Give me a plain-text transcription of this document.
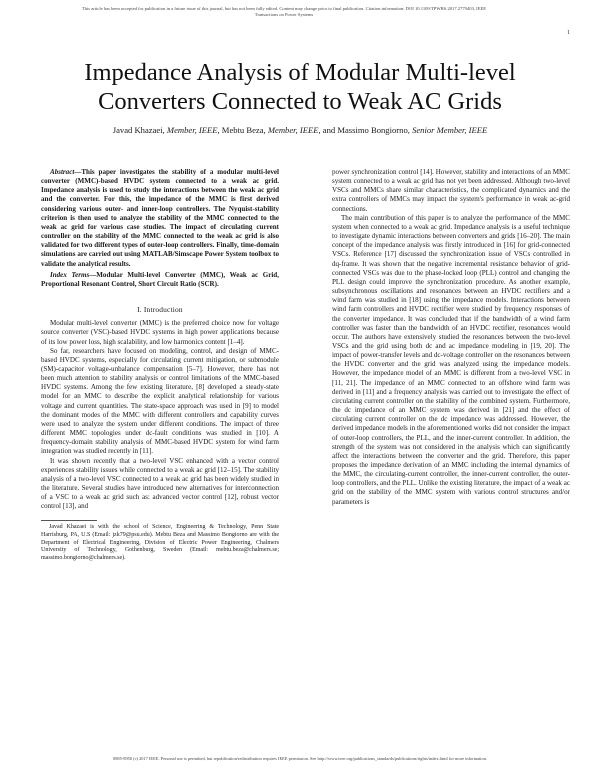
This article has been accepted for publication in a future issue of this journal, but has not been fully edited. Content may change prior to final publication. Citation information: DOI 10.1109/TPWRS.2017.2779403, IEEE
Transactions on Power Systems
1
Impedance Analysis of Modular Multi-level Converters Connected to Weak AC Grids
Javad Khazaei, Member, IEEE, Mebtu Beza, Member, IEEE, and Massimo Bongiorno, Senior Member, IEEE

Abstract—This paper investigates the stability of a modular multi-level converter (MMC)-based HVDC system connected to a weak ac grid. Impedance analysis is used to study the interactions between the weak ac grid and the converter. For this, the impedance of the MMC is first derived considering various outer- and inner-loop controllers. The Nyquist-stability criterion is then used to analyze the stability of the MMC connected to the weak ac grid for various case studies. The impact of circulating current controller on the stability of the MMC connected to the weak ac grid is also validated for two different types of outer-loop controllers. Finally, time-domain simulations are carried out using MATLAB/Simscape Power System toolbox to validate the analytical results.

Index Terms—Modular Multi-level Converter (MMC), Weak ac Grid, Proportional Resonant Control, Short Circuit Ratio (SCR).

I. Introduction

Modular multi-level converter (MMC) is the preferred choice now for voltage source converter (VSC)-based HVDC systems in high power applications because of its low power loss, high scalability, and low harmonics content [1–4].

So far, researchers have focused on modeling, control, and design of MMC-based HVDC systems, especially for circulating current mitigation, or submodule (SM)-capacitor voltage-unbalance compensation [5–7]. However, there has not been much attention to stability analysis or control limitations of the MMC-based HVDC systems. Among the few existing literature, [8] developed a steady-state model for an MMC to describe the explicit analytical relationship for various voltage and current quantities. The state-space approach was used in [9] to model the dominant modes of the MMC with different controllers and capability curves were used to analyze the system under different conditions. The impact of three different MMC topologies under dc-fault conditions was studied in [10]. A frequency-domain stability analysis of MMC-based HVDC system for wind farm integration was studied recently in [11].

It was shown recently that a two-level VSC enhanced with a vector control experiences stability issues while connected to a weak ac grid [12–15]. The stability analysis of a two-level VSC connected to a weak ac grid has been widely studied in the literature. Several studies have introduced new alternatives for interconnection of a VSC to a weak ac grid such as: advanced vector control [12], robust vector control [13], and

Javad Khazaei is with the school of Science, Engineering & Technology, Penn State Harrisburg, PA, U.S (Email: jzk79@psu.edu). Mebtu Beza and Massimo Bongiorno are with the Department of Electrical Engineering, Division of Electric Power Engineering, Chalmers University of Technology, Gothenburg, Sweden (Email: mebtu.beza@chalmers.se; massimo.bongiorno@chalmers.se).

power synchronization control [14]. However, stability and interactions of an MMC system connected to a weak ac grid has not yet been addressed. Although two-level VSCs and MMCs share similar characteristics, the complicated dynamics and the extra controllers of MMCs may impact the system's performance in weak ac-grid connections.

The main contribution of this paper is to analyze the performance of the MMC system when connected to a weak ac grid. Impedance analysis is a useful technique to investigate dynamic interactions between converters and grids [16–20]. The main concept of the impedance analysis was firstly introduced in [16] for grid-connected VSCs. Reference [17] discussed the synchronization issue of VSCs controlled in dq-frame. It was shown that the negative incremental resistance behavior of grid-connected VSCs was due to the phase-locked loop (PLL) control and changing the PLL design could improve the synchronization procedure. As another example, subsynchronous oscillations and resonances between an HVDC rectifiers and a wind farm was studied in [18] using the impedance models. Interactions between wind farm controllers and HVDC rectifier were studied by frequency responses of the converter impedance. It was concluded that if the bandwidth of a wind farm controller was faster than the bandwidth of an HVDC rectifier, resonances would occur. The authors have extensively studied the resonances between the two-level VSCs and the grid using both dc and ac impedance modeling in [19, 20]. The impact of power-transfer levels and dc-voltage controller on the resonances between the HVDC converter and the grid was analyzed using the impedance models. However, the impedance model of an MMC is different from a two-level VSC in [11, 21]. The impedance of an MMC connected to an offshore wind farm was derived in [11] and a frequency analysis was carried out to investigate the effect of circulating current controller on the stability of the combined system. Furthermore, the dc impedance of an MMC system was derived in [21] and the effect of circulating current controller on the dc impedance was addressed. However, the derived impedance models in the aforementioned works did not consider the impact of outer-loop controllers, the PLL, and the inner-current controller. In addition, the strength of the system was not considered in the analysis which can significantly affect the interactions between the converter and the grid. Therefore, this paper proposes the impedance derivation of an MMC including the internal dynamics of the MMC, the circulating-current controller, the inner-current controller, the outer-loop controllers, and the PLL. Unlike the existing literature, the impact of a weak ac grid on the stability of the MMC system with various control structures and/or parameters is

0885-8950 (c) 2017 IEEE. Personal use is permitted, but republication/redistribution requires IEEE permission. See http://www.ieee.org/publications_standards/publications/rights/index.html for more information.
